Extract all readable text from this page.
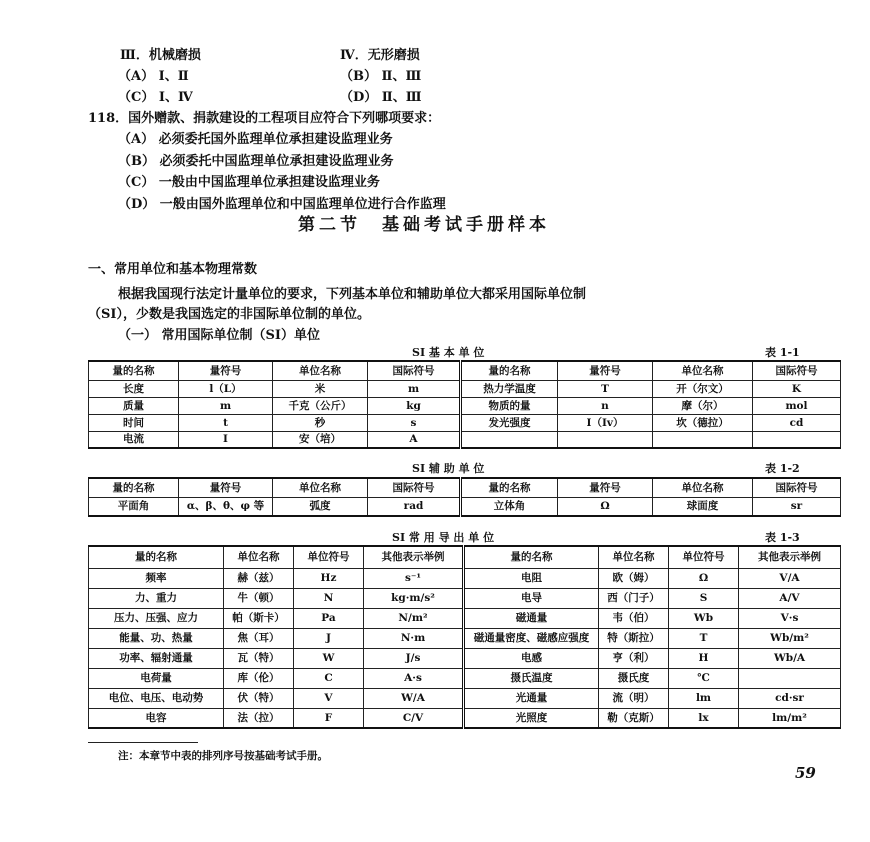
Ⅲ．机械磨损	Ⅳ．无形磨损
（A） Ⅰ、Ⅱ	（B） Ⅱ、Ⅲ
（C） Ⅰ、Ⅳ	（D） Ⅱ、Ⅲ
118．国外赠款、捐款建设的工程项目应符合下列哪项要求：
（A） 必须委托国外监理单位承担建设监理业务
（B） 必须委托中国监理单位承担建设监理业务
（C） 一般由中国监理单位承担建设监理业务
（D） 一般由国外监理单位和中国监理单位进行合作监理
第二节　基础考试手册样本
一、常用单位和基本物理常数
根据我国现行法定计量单位的要求，下列基本单位和辅助单位大都采用国际单位制
（SI），少数是我国选定的非国际单位制的单位。
（一） 常用国际单位制（SI）单位
SI 基 本 单 位	表 1-1
量的名称	量符号	单位名称	国际符号	量的名称	量符号	单位名称	国际符号
长度	l（L）	米	m	热力学温度	T	开（尔文）	K
质量	m	千克（公斤）	kg	物质的量	n	摩（尔）	mol
时间	t	秒	s	发光强度	I（Iv）	坎（德拉）	cd
电流	I	安（培）	A				
SI 辅 助 单 位	表 1-2
量的名称	量符号	单位名称	国际符号	量的名称	量符号	单位名称	国际符号
平面角	α、β、θ、φ 等	弧度	rad	立体角	Ω	球面度	sr
SI 常 用 导 出 单 位	表 1-3
量的名称	单位名称	单位符号	其他表示举例	量的名称	单位名称	单位符号	其他表示举例
频率	赫（兹）	Hz	s⁻¹	电阻	欧（姆）	Ω	V/A
力、重力	牛（顿）	N	kg·m/s²	电导	西（门子）	S	A/V
压力、压强、应力	帕（斯卡）	Pa	N/m²	磁通量	韦（伯）	Wb	V·s
能量、功、热量	焦（耳）	J	N·m	磁通量密度、磁感应强度	特（斯拉）	T	Wb/m²
功率、辐射通量	瓦（特）	W	J/s	电感	亨（利）	H	Wb/A
电荷量	库（伦）	C	A·s	摄氏温度	摄氏度	℃	
电位、电压、电动势	伏（特）	V	W/A	光通量	流（明）	lm	cd·sr
电容	法（拉）	F	C/V	光照度	勒（克斯）	lx	lm/m²
注：本章节中表的排列序号按基础考试手册。
59
